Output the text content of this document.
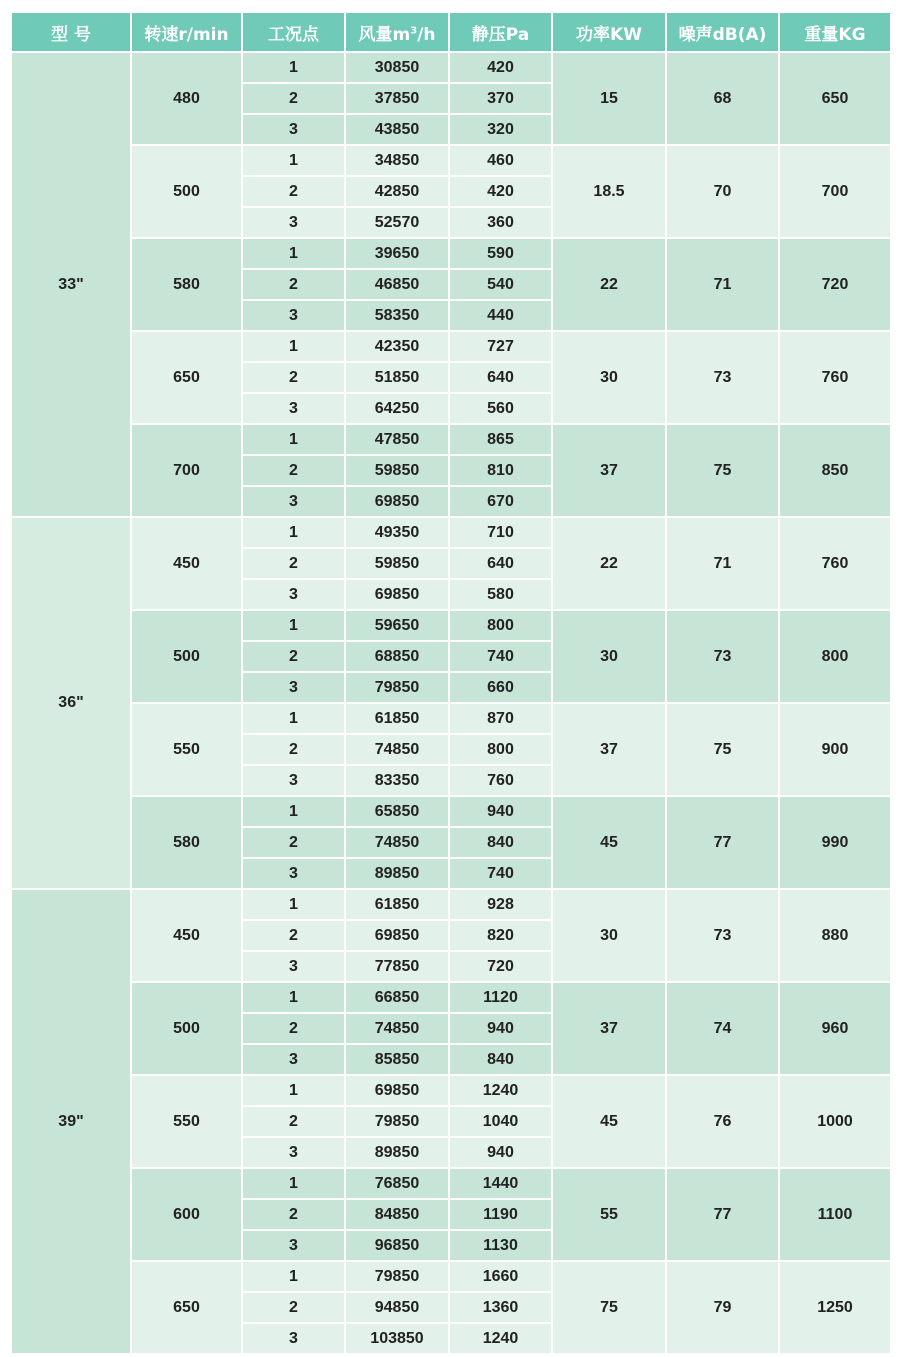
型 号	转速r/min	工况点	风量$m^3/h$	静压Pa	功率KW	噪声dB(A)	重量KG
33"	480	1	30850	420	15	68	650
		2	37850	370			
		3	43850	320			
	500	1	34850	460	18.5	70	700
		2	42850	420			
		3	52570	360			
	580	1	39650	590	22	71	720
		2	46850	540			
		3	58350	440			
	650	1	42350	727	30	73	760
		2	51850	640			
		3	64250	560			
	700	1	47850	865	37	75	850
		2	59850	810			
		3	69850	670			
36"	450	1	49350	710	22	71	760
		2	59850	640			
		3	69850	580			
	500	1	59650	800	30	73	800
		2	68850	740			
		3	79850	660			
	550	1	61850	870	37	75	900
		2	74850	800			
		3	83350	760			
	580	1	65850	940	45	77	990
		2	74850	840			
		3	89850	740			
39"	450	1	61850	928	30	73	880
		2	69850	820			
		3	77850	720			
	500	1	66850	1120	37	74	960
		2	74850	940			
		3	85850	840			
	550	1	69850	1240	45	76	1000
		2	79850	1040			
		3	89850	940			
	600	1	76850	1440	55	77	1100
		2	84850	1190			
		3	96850	1130			
	650	1	79850	1660	75	79	1250
		2	94850	1360			
		3	103850	1240			
